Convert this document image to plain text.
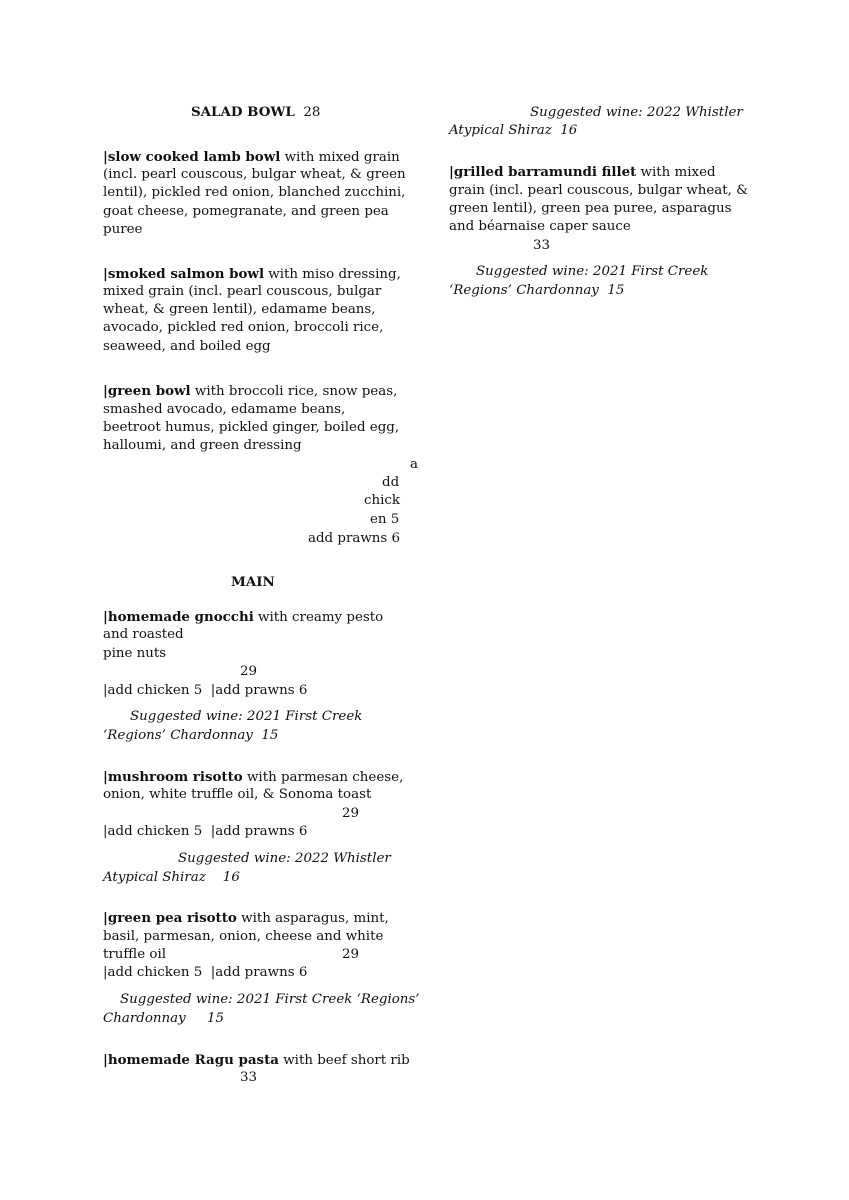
SALAD BOWL 28
|slow cooked lamb bowl with mixed grain
(incl. pearl couscous, bulgar wheat, & green
lentil), pickled red onion, blanched zucchini,
goat cheese, pomegranate, and green pea
puree
|smoked salmon bowl with miso dressing,
mixed grain (incl. pearl couscous, bulgar
wheat, & green lentil), edamame beans,
avocado, pickled red onion, broccoli rice,
seaweed, and boiled egg
|green bowl with broccoli rice, snow peas,
smashed avocado, edamame beans,
beetroot humus, pickled ginger, boiled egg,
halloumi, and green dressing
a
dd
chick
en 5
add prawns 6
MAIN
|homemade gnocchi with creamy pesto
and roasted
pine nuts
29
|add chicken 5  |add prawns 6
Suggested wine: 2021 First Creek
‘Regions’ Chardonnay  15
|mushroom risotto with parmesan cheese,
onion, white truffle oil, & Sonoma toast
29
|add chicken 5  |add prawns 6
Suggested wine: 2022 Whistler
Atypical Shiraz    16
|green pea risotto with asparagus, mint,
basil, parmesan, onion, cheese and white
truffle oil	29
|add chicken 5  |add prawns 6
Suggested wine: 2021 First Creek ‘Regions’
Chardonnay     15
|homemade Ragu pasta with beef short rib
33
Suggested wine: 2022 Whistler
Atypical Shiraz  16
|grilled barramundi fillet with mixed
grain (incl. pearl couscous, bulgar wheat, &
green lentil), green pea puree, asparagus
and béarnaise caper sauce
33
Suggested wine: 2021 First Creek
‘Regions’ Chardonnay  15
